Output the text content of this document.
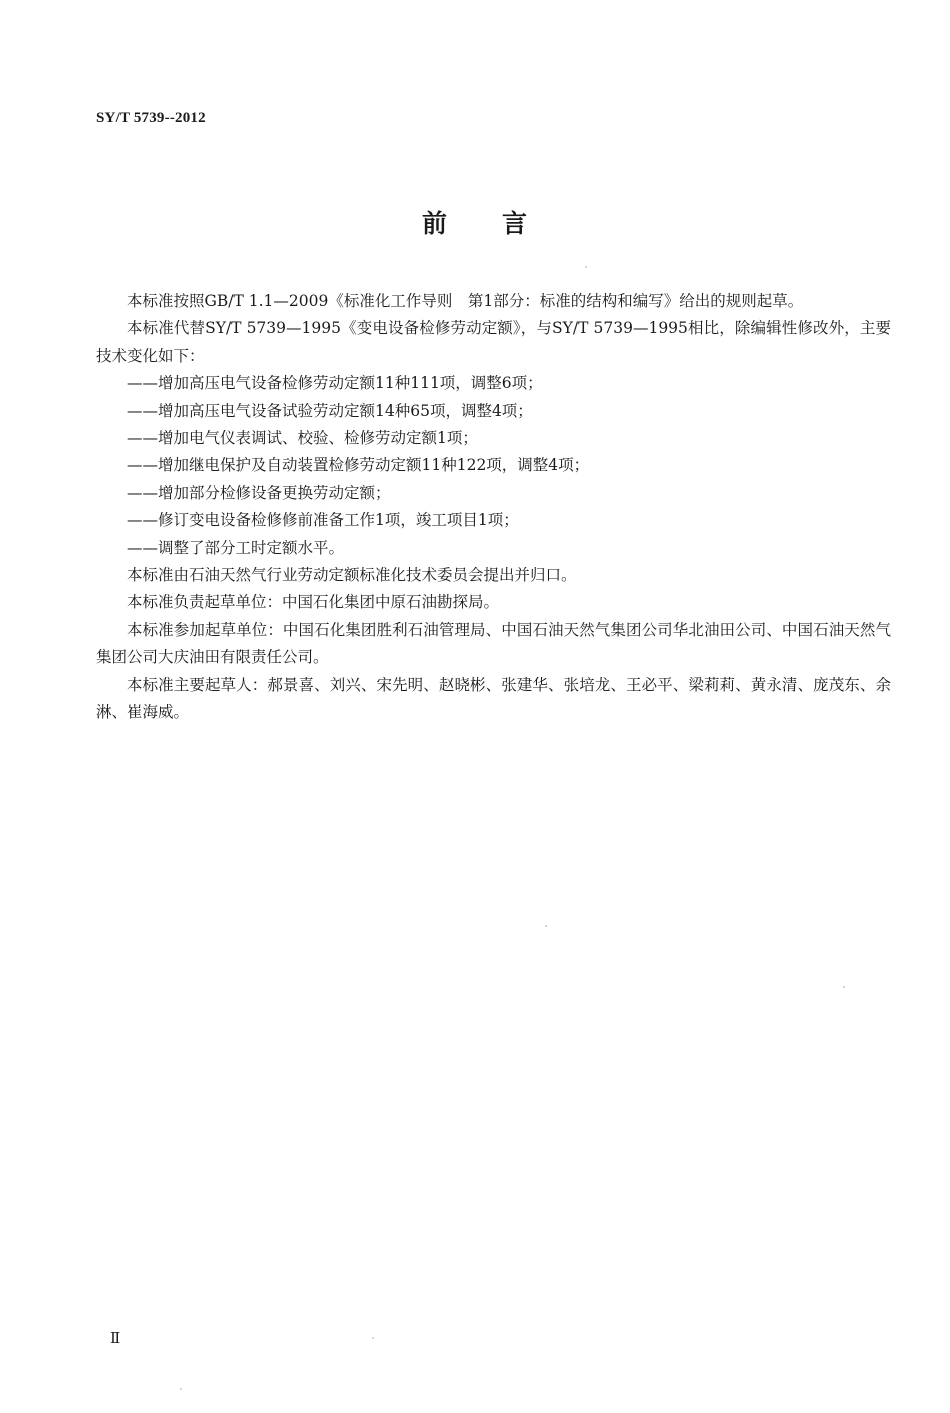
SY/T 5739--2012
前 言

本标准按照GB/T 1.1—2009《标准化工作导则　第1部分：标准的结构和编写》给出的规则起草。

本标准代替SY/T 5739—1995《变电设备检修劳动定额》，与SY/T 5739—1995相比，除编辑性修改外，主要技术变化如下：

——增加高压电气设备检修劳动定额11种111项，调整6项；

——增加高压电气设备试验劳动定额14种65项，调整4项；

——增加电气仪表调试、校验、检修劳动定额1项；

——增加继电保护及自动装置检修劳动定额11种122项，调整4项；

——增加部分检修设备更换劳动定额；

——修订变电设备检修修前准备工作1项，竣工项目1项；

——调整了部分工时定额水平。

本标准由石油天然气行业劳动定额标准化技术委员会提出并归口。

本标准负责起草单位：中国石化集团中原石油勘探局。

本标准参加起草单位：中国石化集团胜利石油管理局、中国石油天然气集团公司华北油田公司、中国石油天然气集团公司大庆油田有限责任公司。

本标准主要起草人：郝景喜、刘兴、宋先明、赵晓彬、张建华、张培龙、王必平、梁莉莉、黄永清、庞茂东、余淋、崔海威。

Ⅱ
